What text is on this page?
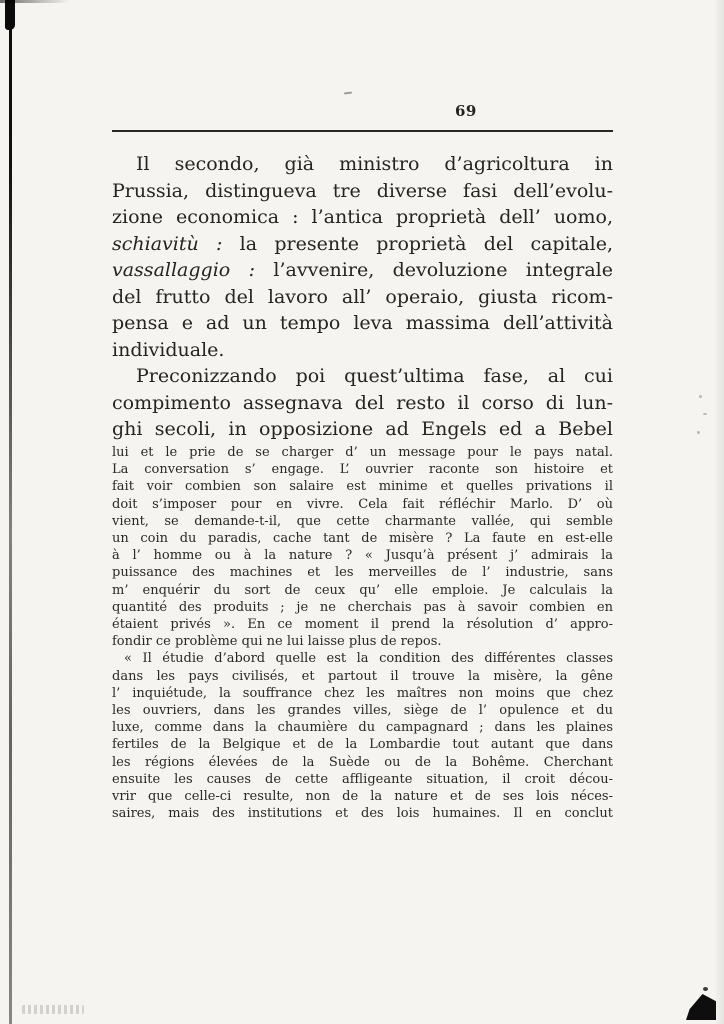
69
Il secondo, già ministro d’agricoltura in
Prussia, distingueva tre diverse fasi dell’evolu-
zione economica : l’antica proprietà dell’ uomo,
schiavitù : la presente proprietà del capitale,
vassallaggio : l’avvenire, devoluzione integrale
del frutto del lavoro all’ operaio, giusta ricom-
pensa e ad un tempo leva massima dell’attività
individuale.
Preconizzando poi quest’ultima fase, al cui
compimento assegnava del resto il corso di lun-
ghi secoli, in opposizione ad Engels ed a Bebel
lui et le prie de se charger d’ un message pour le pays natal.
La conversation s’ engage. L’ ouvrier raconte son histoire et
fait voir combien son salaire est minime et quelles privations il
doit s’imposer pour en vivre. Cela fait réfléchir Marlo. D’ où
vient, se demande-t-il, que cette charmante vallée, qui semble
un coin du paradis, cache tant de misère ? La faute en est-elle
à l’ homme ou à la nature ? « Jusqu’à présent j’ admirais la
puissance des machines et les merveilles de l’ industrie, sans
m’ enquérir du sort de ceux qu’ elle emploie. Je calculais la
quantité des produits ; je ne cherchais pas à savoir combien en
étaient privés ». En ce moment il prend la résolution d’ appro-
fondir ce problème qui ne lui laisse plus de repos.
« Il étudie d’abord quelle est la condition des différentes classes
dans les pays civilisés, et partout il trouve la misère, la gêne
l’ inquiétude, la souffrance chez les maîtres non moins que chez
les ouvriers, dans les grandes villes, siège de l’ opulence et du
luxe, comme dans la chaumière du campagnard ; dans les plaines
fertiles de la Belgique et de la Lombardie tout autant que dans
les régions élevées de la Suède ou de la Bohême. Cherchant
ensuite les causes de cette affligeante situation, il croit décou-
vrir que celle-ci resulte, non de la nature et de ses lois néces-
saires, mais des institutions et des lois humaines. Il en conclut
